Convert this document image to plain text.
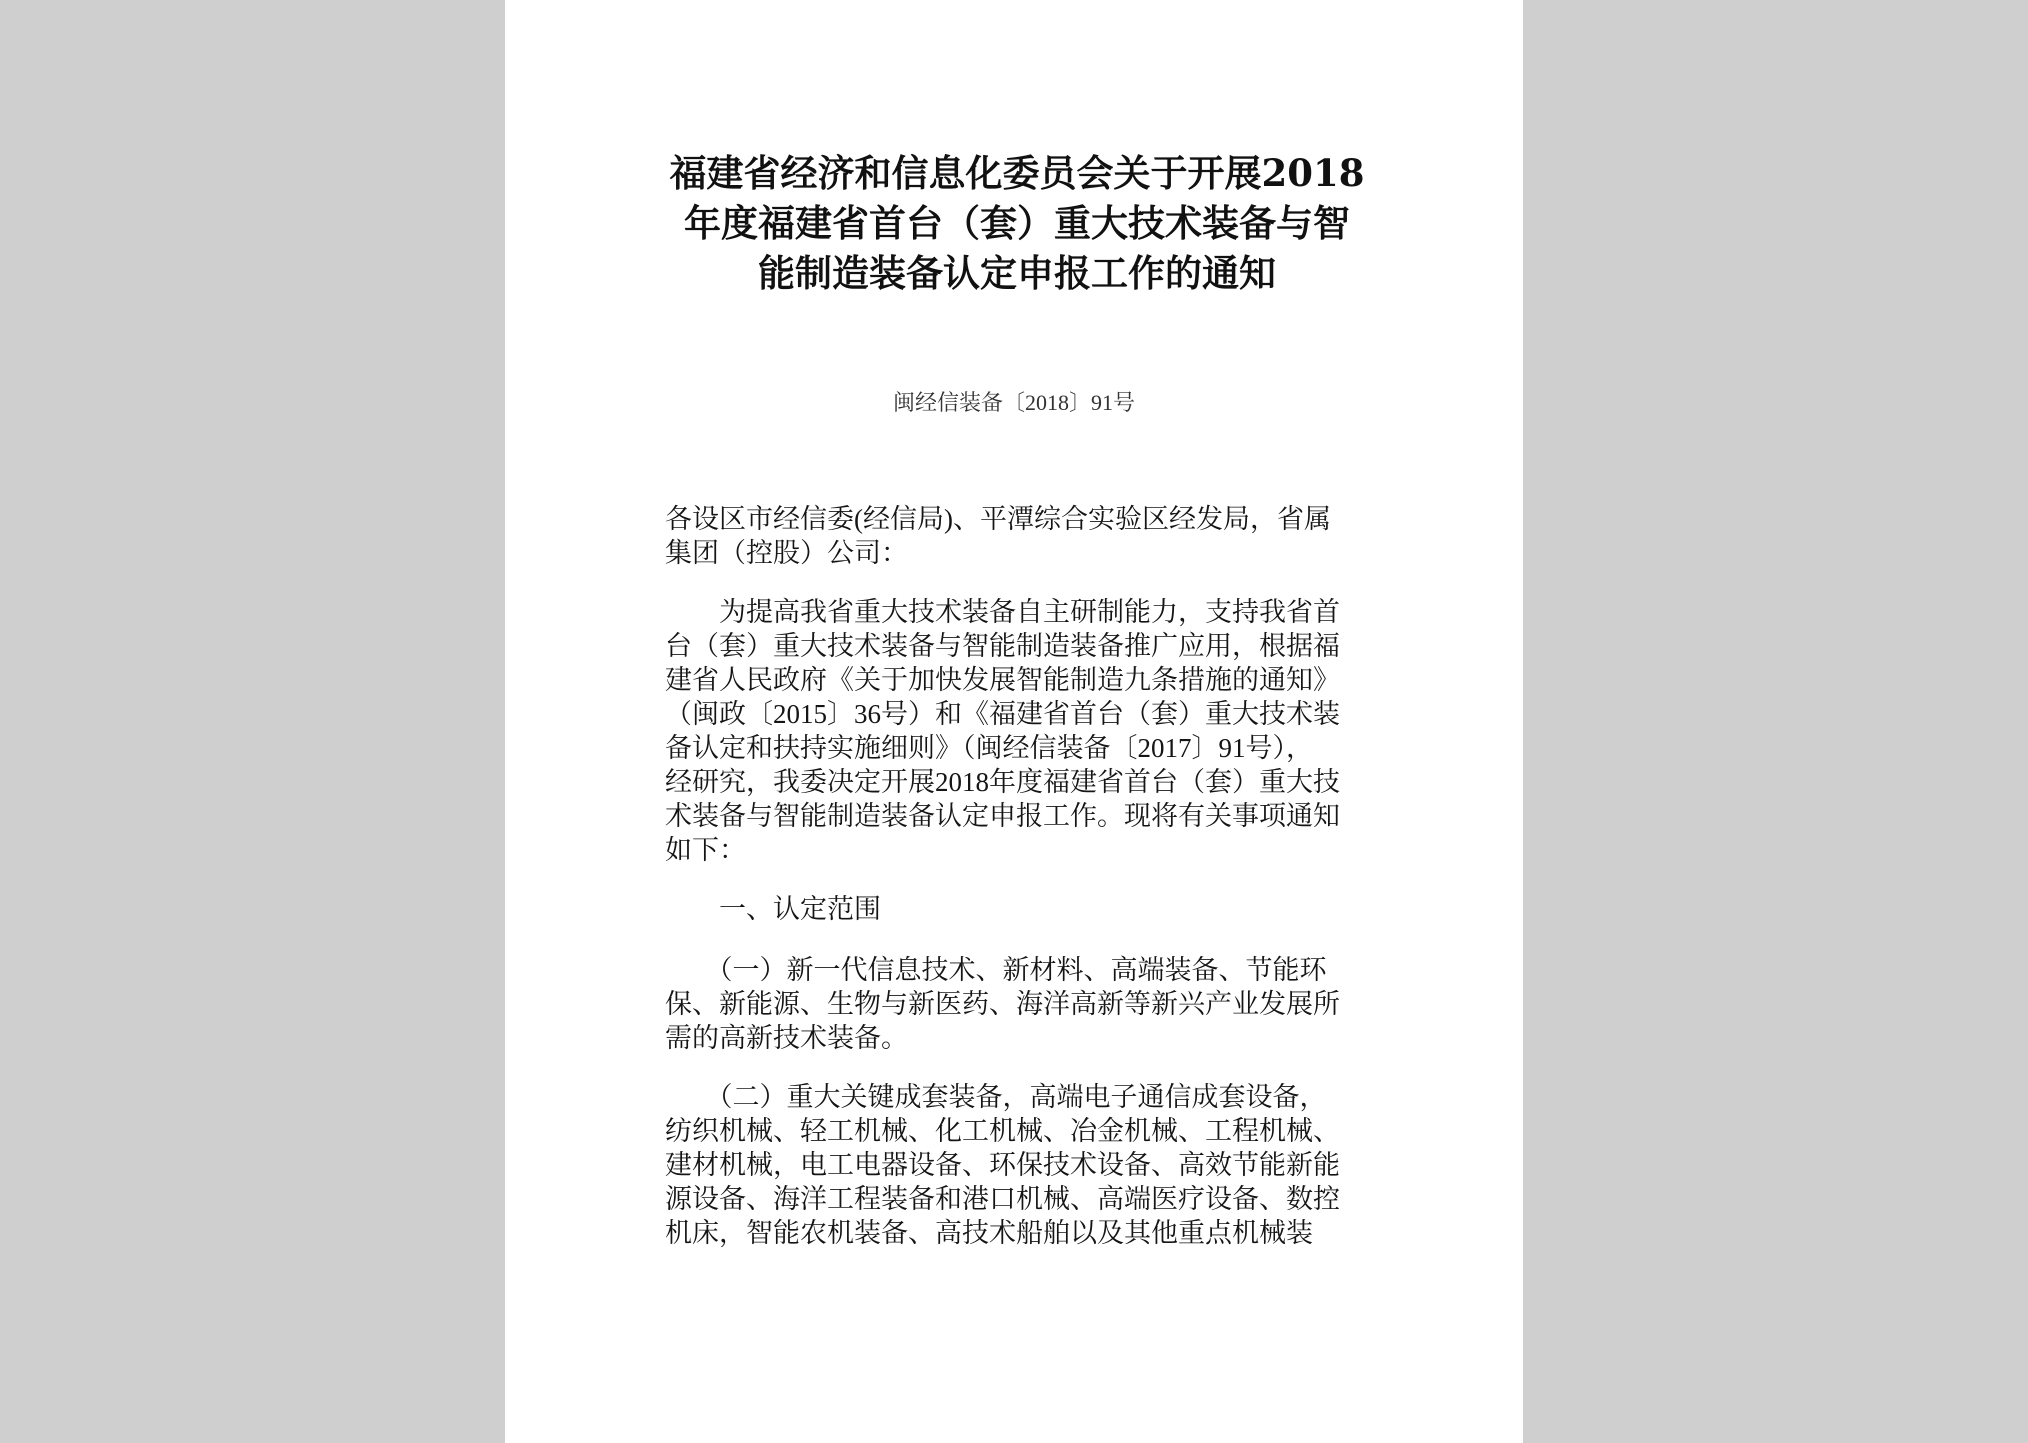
福建省经济和信息化委员会关于开展2018
年度福建省首台（套）重大技术装备与智
能制造装备认定申报工作的通知
闽经信装备〔2018〕91号

各设区市经信委(经信局)、平潭综合实验区经发局，省属
集团（控股）公司：

　　为提高我省重大技术装备自主研制能力，支持我省首
台（套）重大技术装备与智能制造装备推广应用，根据福
建省人民政府《关于加快发展智能制造九条措施的通知》
（闽政〔2015〕36号）和《福建省首台（套）重大技术装
备认定和扶持实施细则》（闽经信装备〔2017〕91号），
经研究，我委决定开展2018年度福建省首台（套）重大技
术装备与智能制造装备认定申报工作。现将有关事项通知
如下：

　　一、认定范围

　　（一）新一代信息技术、新材料、高端装备、节能环
保、新能源、生物与新医药、海洋高新等新兴产业发展所
需的高新技术装备。

　　（二）重大关键成套装备，高端电子通信成套设备，
纺织机械、轻工机械、化工机械、冶金机械、工程机械、
建材机械，电工电器设备、环保技术设备、高效节能新能
源设备、海洋工程装备和港口机械、高端医疗设备、数控
机床，智能农机装备、高技术船舶以及其他重点机械装
